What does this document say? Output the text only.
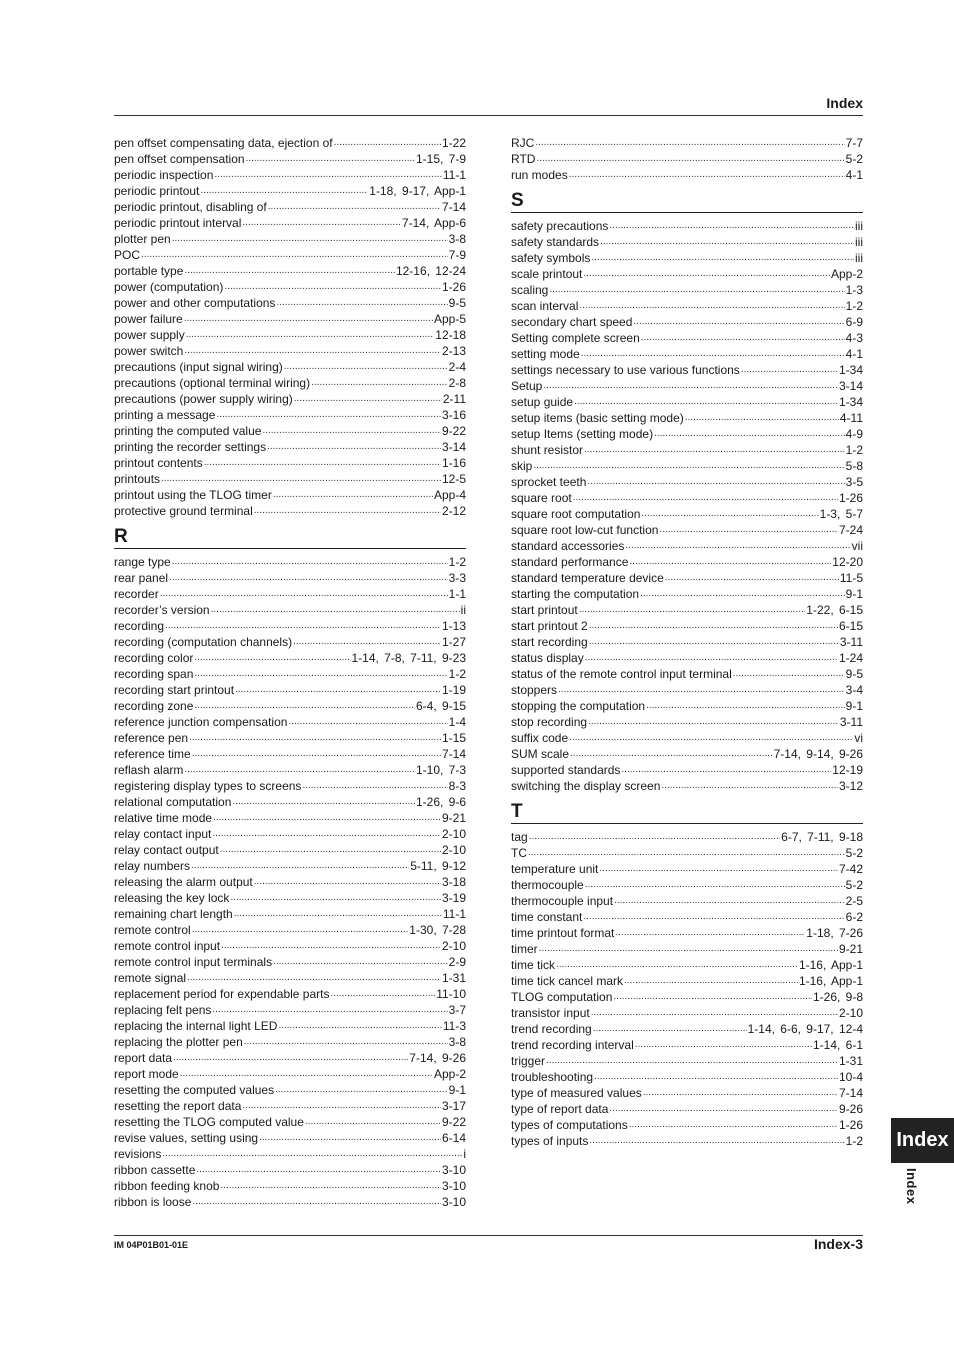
Index
pen offset compensating data, ejection of .....	1-22
pen offset compensation .....	1-15, 7-9
periodic inspection .....	11-1
periodic printout .....	1-18, 9-17, App-1
periodic printout, disabling of .....	7-14
periodic printout interval .....	7-14, App-6
plotter pen .....	3-8
POC .....	7-9
portable type .....	12-16, 12-24
power (computation) .....	1-26
power and other computations .....	9-5
power failure .....	App-5
power supply .....	12-18
power switch .....	2-13
precautions (input signal wiring) .....	2-4
precautions (optional terminal wiring) .....	2-8
precautions (power supply wiring) .....	2-11
printing a message .....	3-16
printing the computed value .....	9-22
printing the recorder settings .....	3-14
printout contents .....	1-16
printouts .....	12-5
printout using the TLOG timer .....	App-4
protective ground terminal .....	2-12
R
range type .....	1-2
rear panel .....	3-3
recorder .....	1-1
recorder’s version .....	ii
recording .....	1-13
recording (computation channels) .....	1-27
recording color .....	1-14, 7-8, 7-11, 9-23
recording span .....	1-2
recording start printout .....	1-19
recording zone .....	6-4, 9-15
reference junction compensation .....	1-4
reference pen .....	1-15
reference time .....	7-14
reflash alarm .....	1-10, 7-3
registering display types to screens .....	8-3
relational computation .....	1-26, 9-6
relative time mode .....	9-21
relay contact input .....	2-10
relay contact output .....	2-10
relay numbers .....	5-11, 9-12
releasing the alarm output .....	3-18
releasing the key lock .....	3-19
remaining chart length .....	11-1
remote control .....	1-30, 7-28
remote control input .....	2-10
remote control input terminals .....	2-9
remote signal .....	1-31
replacement period for expendable parts .....	11-10
replacing felt pens .....	3-7
replacing the internal light LED .....	11-3
replacing the plotter pen .....	3-8
report data .....	7-14, 9-26
report mode .....	App-2
resetting the computed values .....	9-1
resetting the report data .....	3-17
resetting the TLOG computed value .....	9-22
revise values, setting using .....	6-14
revisions .....	i
ribbon cassette .....	3-10
ribbon feeding knob .....	3-10
ribbon is loose .....	3-10
RJC .....	7-7
RTD .....	5-2
run modes .....	4-1
S
safety precautions .....	iii
safety standards .....	iii
safety symbols .....	iii
scale printout .....	App-2
scaling .....	1-3
scan interval .....	1-2
secondary chart speed .....	6-9
Setting complete screen .....	4-3
setting mode .....	4-1
settings necessary to use various functions .....	1-34
Setup .....	3-14
setup guide .....	1-34
setup items (basic setting mode) .....	4-11
setup Items (setting mode) .....	4-9
shunt resistor .....	1-2
skip .....	5-8
sprocket teeth .....	3-5
square root .....	1-26
square root computation .....	1-3, 5-7
square root low-cut function .....	7-24
standard accessories .....	vii
standard performance .....	12-20
standard temperature device .....	11-5
starting the computation .....	9-1
start printout .....	1-22, 6-15
start printout 2 .....	6-15
start recording .....	3-11
status display .....	1-24
status of the remote control input terminal .....	9-5
stoppers .....	3-4
stopping the computation .....	9-1
stop recording .....	3-11
suffix code .....	vi
SUM scale .....	7-14, 9-14, 9-26
supported standards .....	12-19
switching the display screen .....	3-12
T
tag .....	6-7, 7-11, 9-18
TC .....	5-2
temperature unit .....	7-42
thermocouple .....	5-2
thermocouple input .....	2-5
time constant .....	6-2
time printout format .....	1-18, 7-26
timer .....	9-21
time tick .....	1-16, App-1
time tick cancel mark .....	1-16, App-1
TLOG computation .....	1-26, 9-8
transistor input .....	2-10
trend recording .....	1-14, 6-6, 9-17, 12-4
trend recording interval .....	1-14, 6-1
trigger .....	1-31
troubleshooting .....	10-4
type of measured values .....	7-14
type of report data .....	9-26
types of computations .....	1-26
types of inputs .....	1-2 Index
Index
IM 04P01B01-01E	Index-3
